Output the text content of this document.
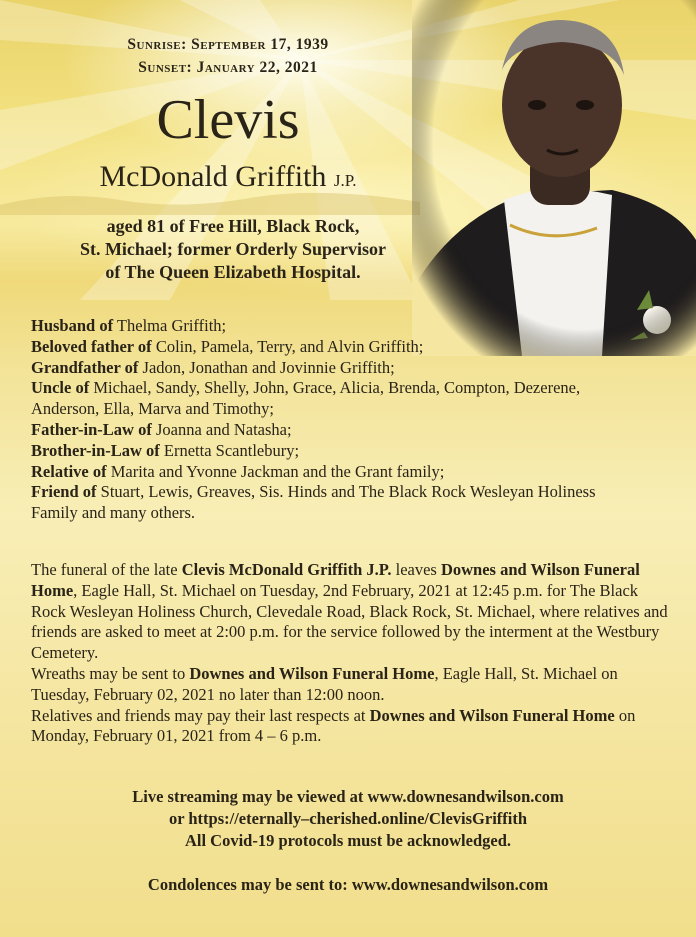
Sunrise: September 17, 1939
Sunset: January 22, 2021
Clevis
McDonald Griffith J.P.
aged 81 of Free Hill, Black Rock,
St. Michael; former Orderly Supervisor
of The Queen Elizabeth Hospital.
Husband of Thelma Griffith;
Beloved father of Colin, Pamela, Terry, and Alvin Griffith;
Grandfather of Jadon, Jonathan and Jovinnie Griffith;
Uncle of Michael, Sandy, Shelly, John, Grace, Alicia, Brenda, Compton, Dezerene,
Anderson, Ella, Marva and Timothy;
Father-in-Law of Joanna and Natasha;
Brother-in-Law of Ernetta Scantlebury;
Relative of Marita and Yvonne Jackman and the Grant family;
Friend of Stuart, Lewis, Greaves, Sis. Hinds and The Black Rock Wesleyan Holiness
Family and many others.
The funeral of the late Clevis McDonald Griffith J.P. leaves Downes and Wilson Funeral Home, Eagle Hall, St. Michael on Tuesday, 2nd February, 2021 at 12:45 p.m. for The Black Rock Wesleyan Holiness Church, Clevedale Road, Black Rock, St. Michael, where relatives and friends are asked to meet at 2:00 p.m. for the service followed by the interment at the Westbury Cemetery.
Wreaths may be sent to Downes and Wilson Funeral Home, Eagle Hall, St. Michael on Tuesday, February 02, 2021 no later than 12:00 noon.
Relatives and friends may pay their last respects at Downes and Wilson Funeral Home on Monday, February 01, 2021 from 4 – 6 p.m.
Live streaming may be viewed at www.downesandwilson.com
or https://eternally–cherished.online/ClevisGriffith
All Covid-19 protocols must be acknowledged.
Condolences may be sent to: www.downesandwilson.com
